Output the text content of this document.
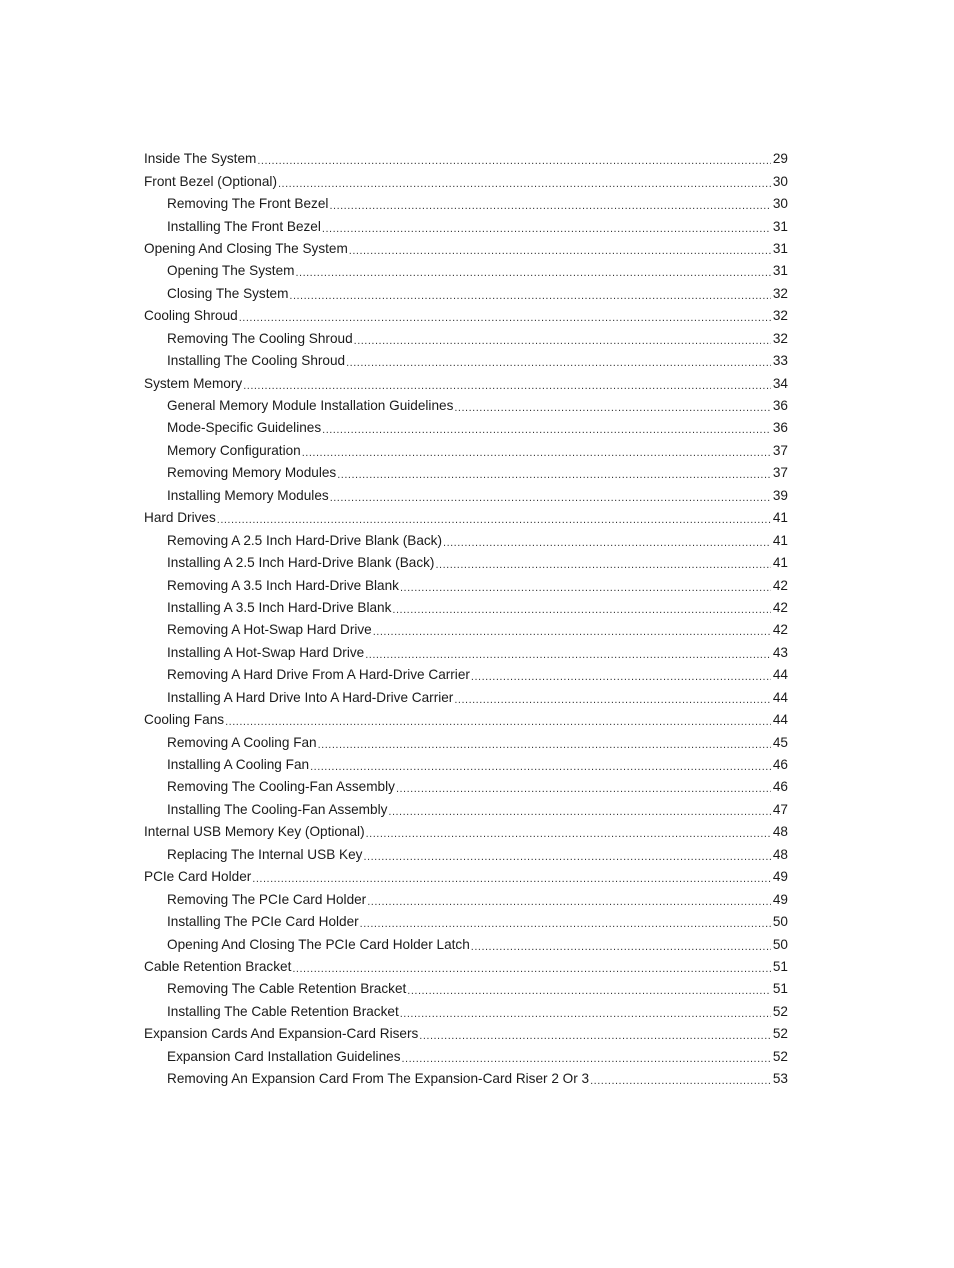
Inside The System .....	29
Front Bezel (Optional) .....	30
Removing The Front Bezel .....	30
Installing The Front Bezel .....	31
Opening And Closing The System .....	31
Opening The System .....	31
Closing The System .....	32
Cooling Shroud .....	32
Removing The Cooling Shroud .....	32
Installing The Cooling Shroud .....	33
System Memory .....	34
General Memory Module Installation Guidelines .....	36
Mode-Specific Guidelines .....	36
Memory Configuration .....	37
Removing Memory Modules .....	37
Installing Memory Modules .....	39
Hard Drives .....	41
Removing A 2.5 Inch Hard-Drive Blank (Back) .....	41
Installing A 2.5 Inch Hard-Drive Blank (Back) .....	41
Removing A 3.5 Inch Hard-Drive Blank .....	42
Installing A 3.5 Inch Hard-Drive Blank .....	42
Removing A Hot-Swap Hard Drive .....	42
Installing A Hot-Swap Hard Drive .....	43
Removing A Hard Drive From A Hard-Drive Carrier .....	44
Installing A Hard Drive Into A Hard-Drive Carrier .....	44
Cooling Fans .....	44
Removing A Cooling Fan .....	45
Installing A Cooling Fan .....	46
Removing The Cooling-Fan Assembly .....	46
Installing The Cooling-Fan Assembly .....	47
Internal USB Memory Key (Optional) .....	48
Replacing The Internal USB Key .....	48
PCIe Card Holder .....	49
Removing The PCIe Card Holder .....	49
Installing The PCIe Card Holder .....	50
Opening And Closing The PCIe Card Holder Latch .....	50
Cable Retention Bracket .....	51
Removing The Cable Retention Bracket .....	51
Installing The Cable Retention Bracket .....	52
Expansion Cards And Expansion-Card Risers .....	52
Expansion Card Installation Guidelines .....	52
Removing An Expansion Card From The Expansion-Card Riser 2 Or 3 .....	53
